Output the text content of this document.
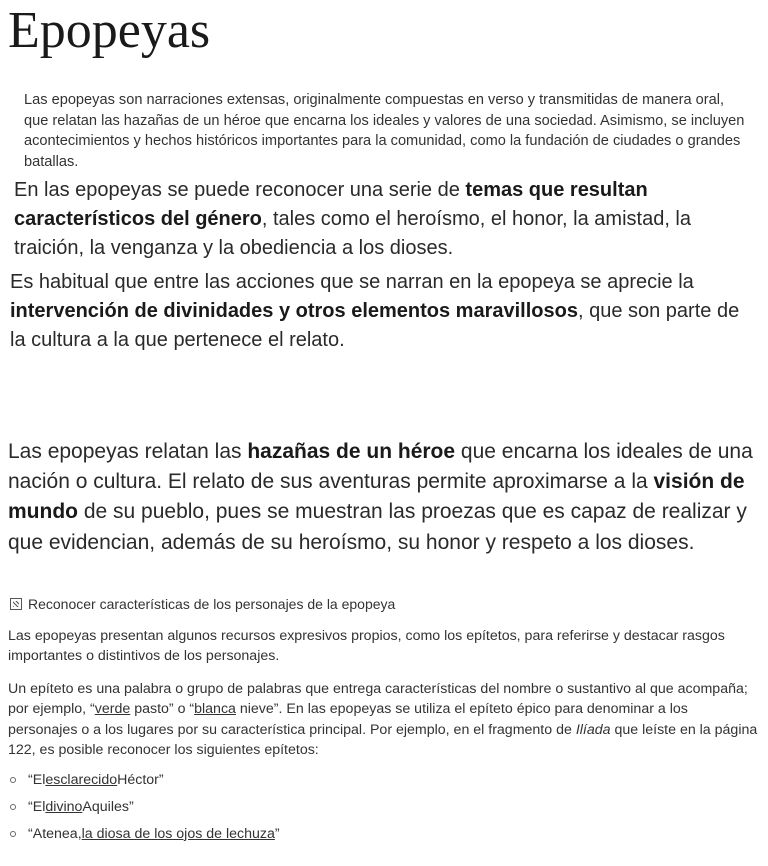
Epopeyas

Las epopeyas son narraciones extensas, originalmente compuestas en verso y transmitidas de manera oral, que relatan las hazañas de un héroe que encarna los ideales y valores de una sociedad. Asimismo, se incluyen acontecimientos y hechos históricos importantes para la comunidad, como la fundación de ciudades o grandes batallas.

En las epopeyas se puede reconocer una serie de temas que resultan característicos del género, tales como el heroísmo, el honor, la amistad, la traición, la venganza y la obediencia a los dioses.

Es habitual que entre las acciones que se narran en la epopeya se aprecie la intervención de divinidades y otros elementos maravillosos, que son parte de la cultura a la que pertenece el relato.

Las epopeyas relatan las hazañas de un héroe que encarna los ideales de una nación o cultura. El relato de sus aventuras permite aproximarse a la visión de mundo de su pueblo, pues se muestran las proezas que es capaz de realizar y que evidencian, además de su heroísmo, su honor y respeto a los dioses.

Reconocer características de los personajes de la epopeya

Las epopeyas presentan algunos recursos expresivos propios, como los epítetos, para referirse y destacar rasgos importantes o distintivos de los personajes.

Un epíteto es una palabra o grupo de palabras que entrega características del nombre o sustantivo al que acompaña; por ejemplo, “verde pasto” o “blanca nieve”. En las epopeyas se utiliza el epíteto épico para denominar a los personajes o a los lugares por su característica principal. Por ejemplo, en el fragmento de Ilíada que leíste en la página 122, es posible reconocer los siguientes epítetos:

“El esclarecido Héctor”
“El divino Aquiles”
“Atenea, la diosa de los ojos de lechuza ”
